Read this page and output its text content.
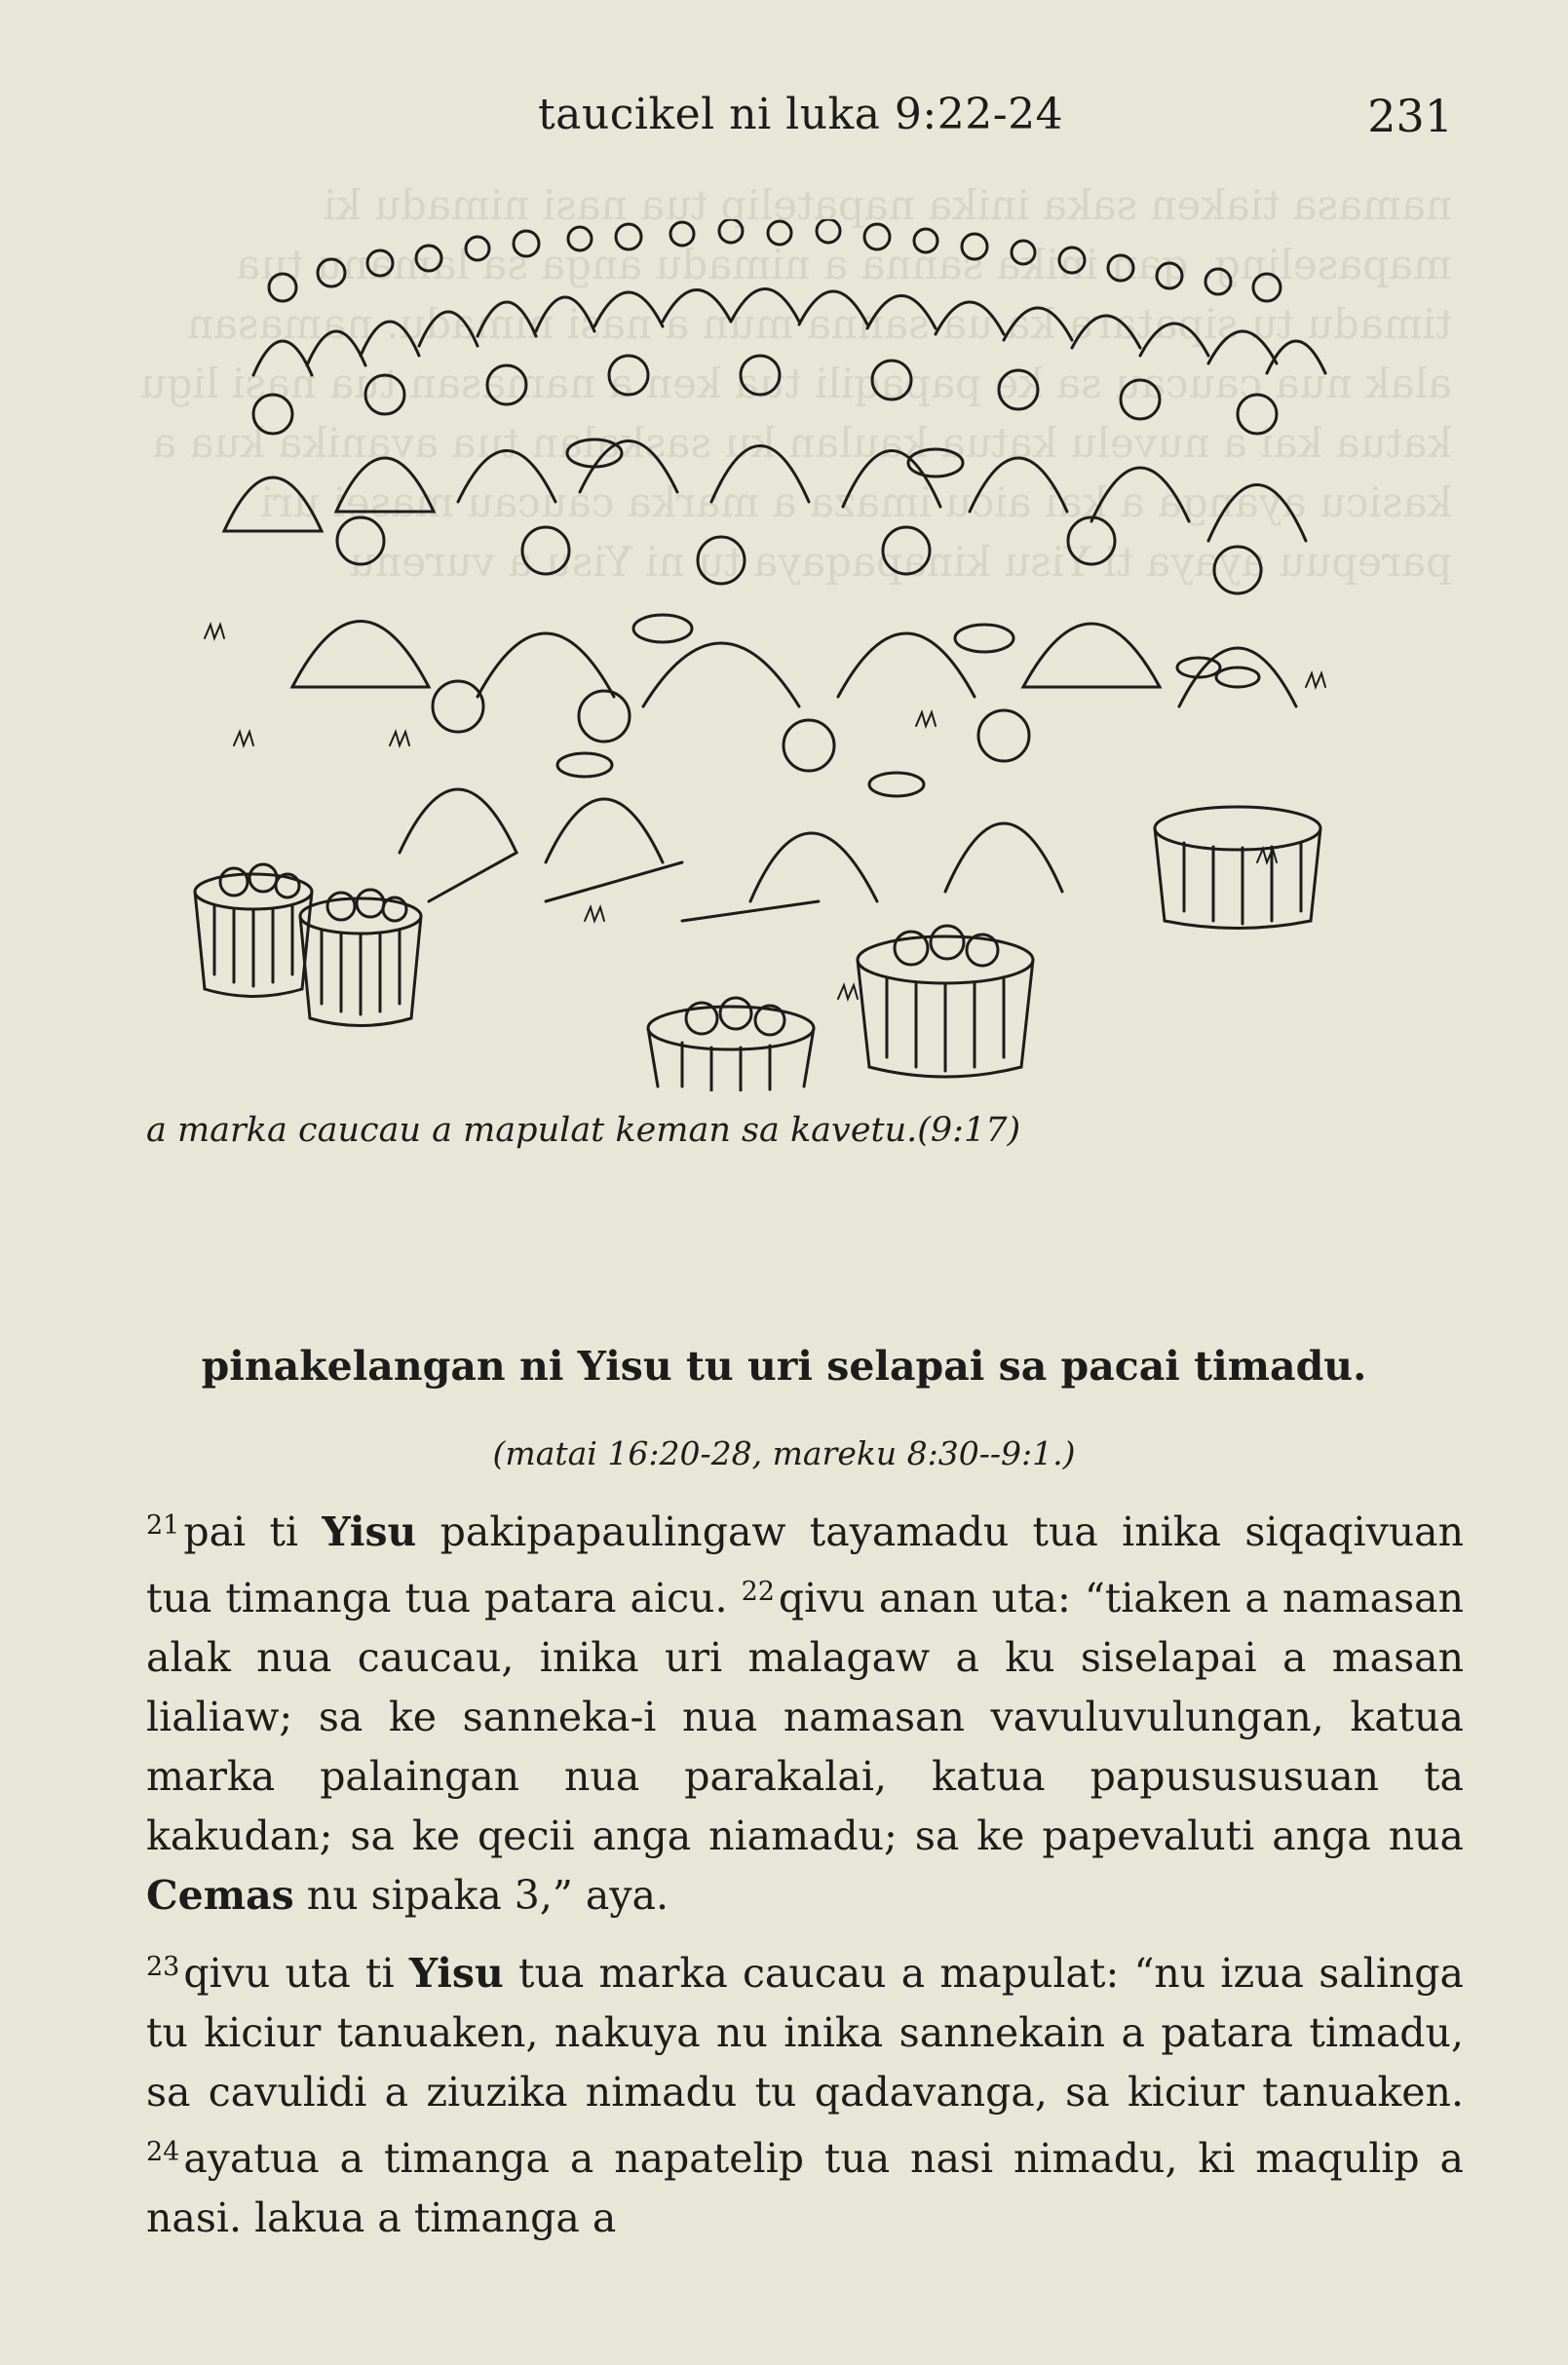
namasa tiaken saka inika napatelip tua nasi nimadu ki mapaseling. qan inika sanna a nimadu anga sa lamanu tua timadu tu sipatara ka ua sanna mun a nasi nimadu. namasan alak nua caucau sa ke papaqili tua ken a namasan tua nasi ligu katua kai a nuvelu katua kaulan ku saskalan tua avanika kua a kasicu ayanga a kai aicu imaza a marka caucau masei uri parepuu ayaya ti Yisu kinapaqaya tu ni Yisu a vurenu
taucikel ni luka 9:22-24	231
a marka caucau a mapulat keman sa kavetu.(9:17)
pinakelangan ni Yisu tu uri selapai sa pacai timadu.
(matai 16:20-28, mareku 8:30--9:1.)

$^{21}$pai ti Yisu pakipapaulingaw tayamadu tua inika siqaqivuan tua timanga tua patara aicu. $^{22}$qivu anan uta: “tiaken a namasan alak nua caucau, inika uri malagaw a ku siselapai a masan lialiaw; sa ke sanneka-i nua namasan vavuluvulungan, katua marka palaingan nua parakalai, katua papusususuan ta kakudan; sa ke qecii anga niamadu; sa ke papevaluti anga nua Cemas nu sipaka 3,” aya.

$^{23}$qivu uta ti Yisu tua marka caucau a mapulat: “nu izua salinga tu kiciur tanuaken, nakuya nu inika sannekain a patara timadu, sa cavulidi a ziuzika nimadu tu qadavanga, sa kiciur tanuaken. $^{24}$ayatua a timanga a napatelip tua nasi nimadu, ki maqulip a nasi. lakua a timanga a
